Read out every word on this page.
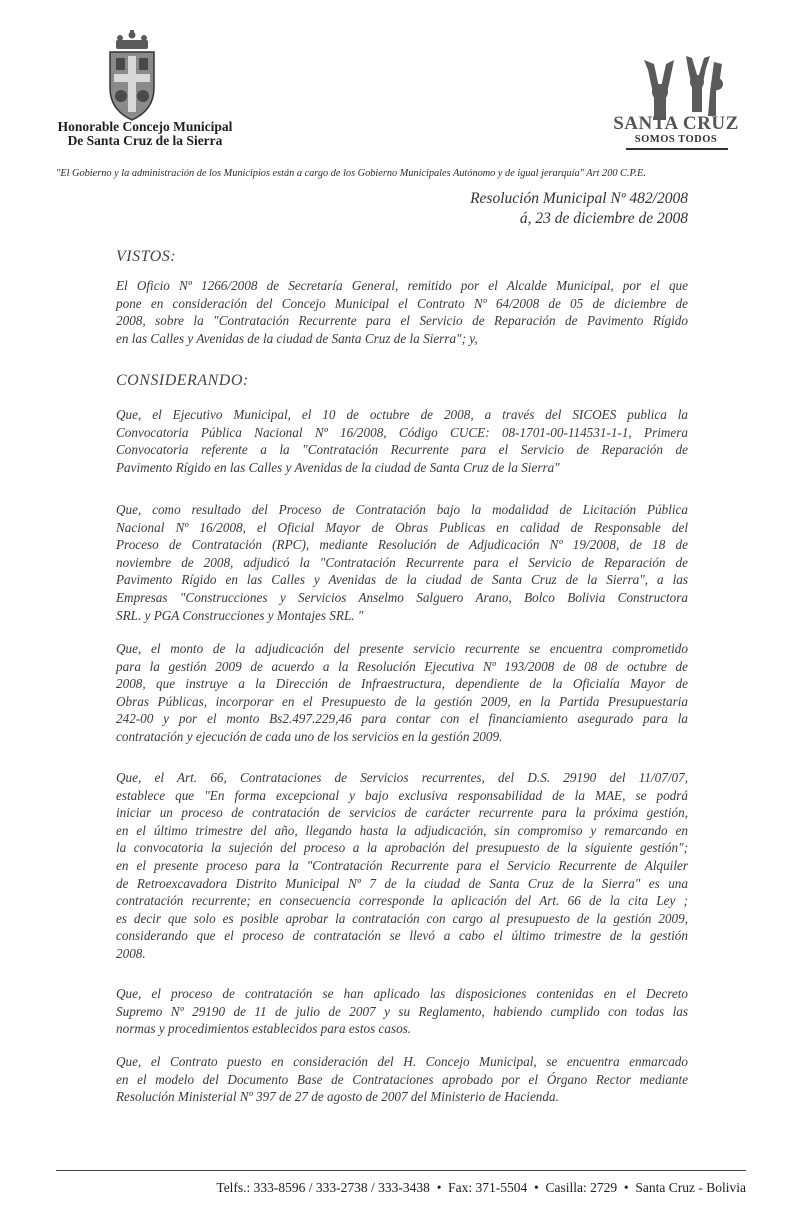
Honorable Concejo Municipal
De Santa Cruz de la Sierra
SANTA CRUZ
SOMOS TODOS
"El Gobierno y la administración de los Municipios están a cargo de los Gobierno Municipales Autónomo y de igual jerarquía" Art 200 C.P.E.
Resolución Municipal Nº 482/2008
á, 23 de diciembre de 2008
VISTOS:
El Oficio Nº 1266/2008 de Secretaría General, remitido por el Alcalde Municipal, por el que
pone en consideración del Concejo Municipal el Contrato Nº 64/2008 de 05 de diciembre de
2008, sobre la "Contratación Recurrente para el Servicio de Reparación de Pavimento Rígido
en las Calles y Avenidas de la ciudad de Santa Cruz de la Sierra"; y,
CONSIDERANDO:
Que, el Ejecutivo Municipal, el 10 de octubre de 2008, a través del SICOES publica la
Convocatoria Pública Nacional Nº 16/2008, Código CUCE: 08-1701-00-114531-1-1, Primera
Convocatoria referente a la "Contratación Recurrente para el Servicio de Reparación de
Pavimento Rígido en las Calles y Avenidas de la ciudad de Santa Cruz de la Sierra"
Que, como resultado del Proceso de Contratación bajo la modalidad de Licitación Pública
Nacional Nº 16/2008, el Oficial Mayor de Obras Publicas en calidad de Responsable del
Proceso de Contratación (RPC), mediante Resolución de Adjudicación Nº 19/2008, de 18 de
noviembre de 2008, adjudicó la "Contratación Recurrente para el Servicio de Reparación de
Pavimento Rígido en las Calles y Avenidas de la ciudad de Santa Cruz de la Sierra", a las
Empresas "Construcciones y Servicios Anselmo Salguero Arano, Bolco Bolivia Constructora
SRL. y PGA Construcciones y Montajes SRL. "
Que, el monto de la adjudicación del presente servicio recurrente se encuentra comprometido
para la gestión 2009 de acuerdo a la Resolución Ejecutiva Nº 193/2008 de 08 de octubre de
2008, que instruye a la Dirección de Infraestructura, dependiente de la Oficialía Mayor de
Obras Públicas, incorporar en el Presupuesto de la gestión 2009, en la Partida Presupuestaria
242-00 y por el monto Bs2.497.229,46 para contar con el financiamiento asegurado para la
contratación y ejecución de cada uno de los servicios en la gestión 2009.
Que, el Art. 66, Contrataciones de Servicios recurrentes, del D.S. 29190 del 11/07/07,
establece que "En forma excepcional y bajo exclusiva responsabilidad de la MAE, se podrá
iniciar un proceso de contratación de servicios de carácter recurrente para la próxima gestión,
en el último trimestre del año, llegando hasta la adjudicación, sin compromiso y remarcando en
la convocatoria la sujeción del proceso a la aprobación del presupuesto de la siguiente gestión";
en el presente proceso para la "Contratación Recurrente para el Servicio Recurrente de Alquiler
de Retroexcavadora Distrito Municipal Nº 7 de la ciudad de Santa Cruz de la Sierra" es una
contratación recurrente; en consecuencia corresponde la aplicación del Art. 66 de la cita Ley ;
es decir que solo es posible aprobar la contratación con cargo al presupuesto de la gestión 2009,
considerando que el proceso de contratación se llevó a cabo el último trimestre de la gestión
2008.
Que, el proceso de contratación se han aplicado las disposiciones contenidas en el Decreto
Supremo Nº 29190 de 11 de julio de 2007 y su Reglamento, habiendo cumplido con todas las
normas y procedimientos establecidos para estos casos.
Que, el Contrato puesto en consideración del H. Concejo Municipal, se encuentra enmarcado
en el modelo del Documento Base de Contrataciones aprobado por el Órgano Rector mediante
Resolución Ministerial Nº 397 de 27 de agosto de 2007 del Ministerio de Hacienda.
Telfs.: 333-8596 / 333-2738 / 333-3438 • Fax: 371-5504 • Casilla: 2729 • Santa Cruz - Bolivia
